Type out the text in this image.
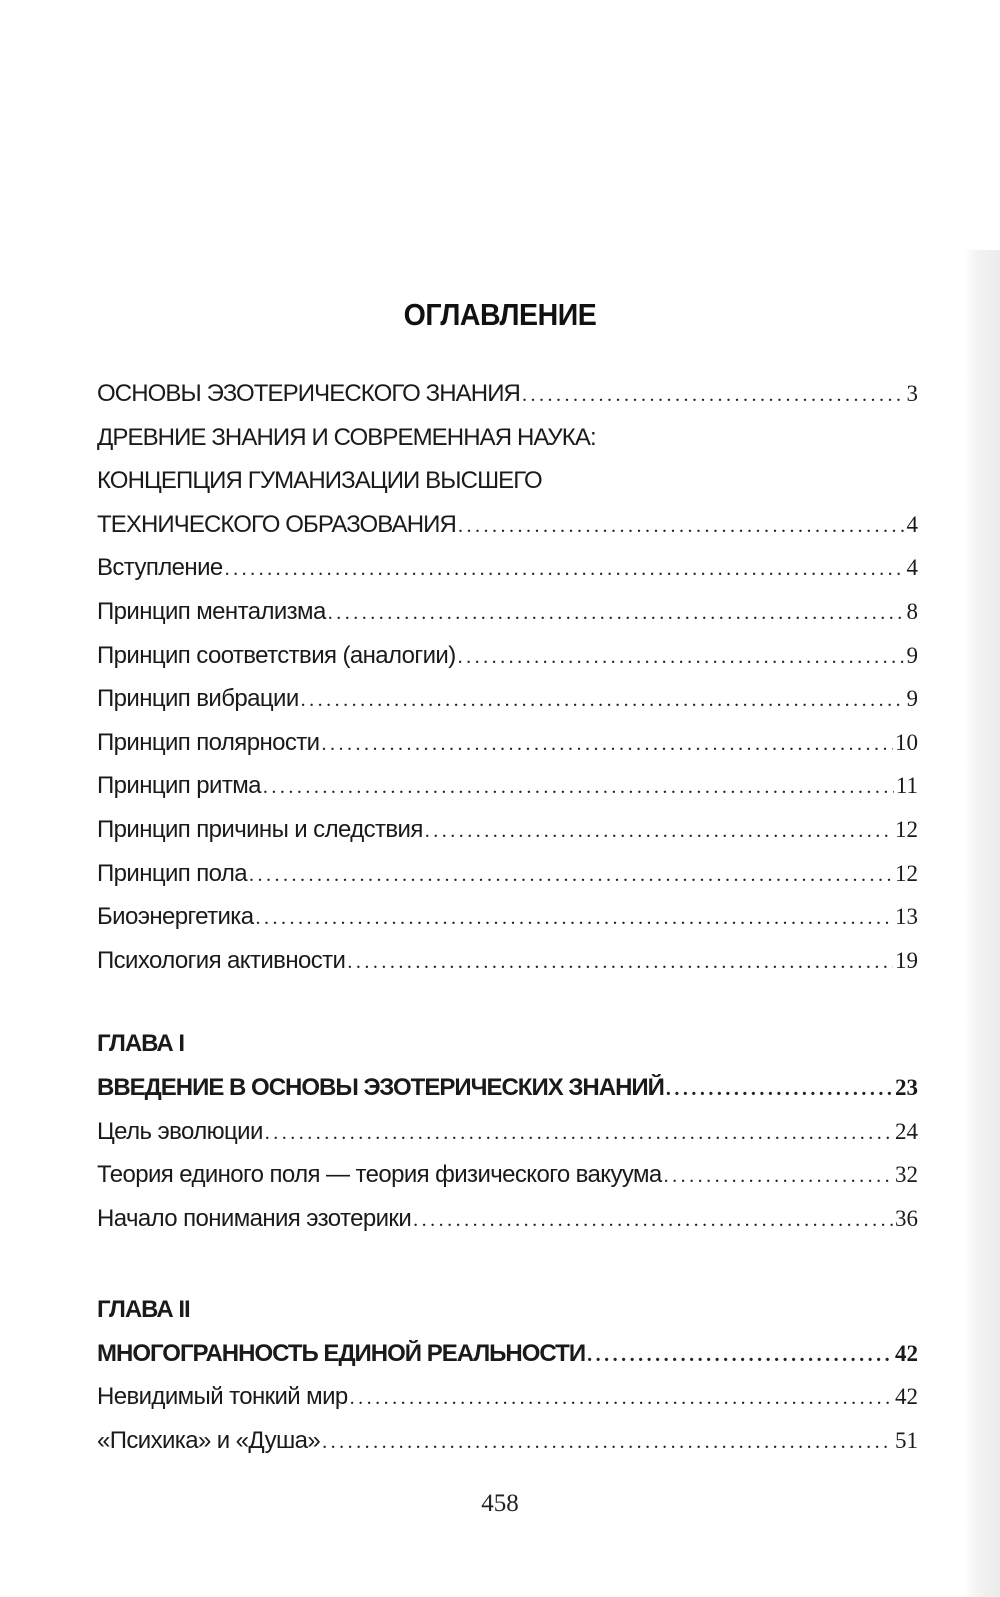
ОГЛАВЛЕНИЕ
ОСНОВЫ ЭЗОТЕРИЧЕСКОГО ЗНАНИЯ .....	3
ДРЕВНИЕ ЗНАНИЯ И СОВРЕМЕННАЯ НАУКА:
КОНЦЕПЦИЯ ГУМАНИЗАЦИИ ВЫСШЕГО
ТЕХНИЧЕСКОГО ОБРАЗОВАНИЯ .....	4
Вступление .....	4
Принцип ментализма .....	8
Принцип соответствия (аналогии) .....	9
Принцип вибрации .....	9
Принцип полярности .....	10
Принцип ритма .....	11
Принцип причины и следствия .....	12
Принцип пола .....	12
Биоэнергетика .....	13
Психология активности .....	19
ГЛАВА I
ВВЕДЕНИЕ В ОСНОВЫ ЭЗОТЕРИЧЕСКИХ ЗНАНИЙ .....	23
Цель эволюции .....	24
Теория единого поля — теория физического вакуума .....	32
Начало понимания эзотерики .....	36
ГЛАВА II
МНОГОГРАННОСТЬ ЕДИНОЙ РЕАЛЬНОСТИ .....	42
Невидимый тонкий мир .....	42
«Психика» и «Душа» .....	51
458
